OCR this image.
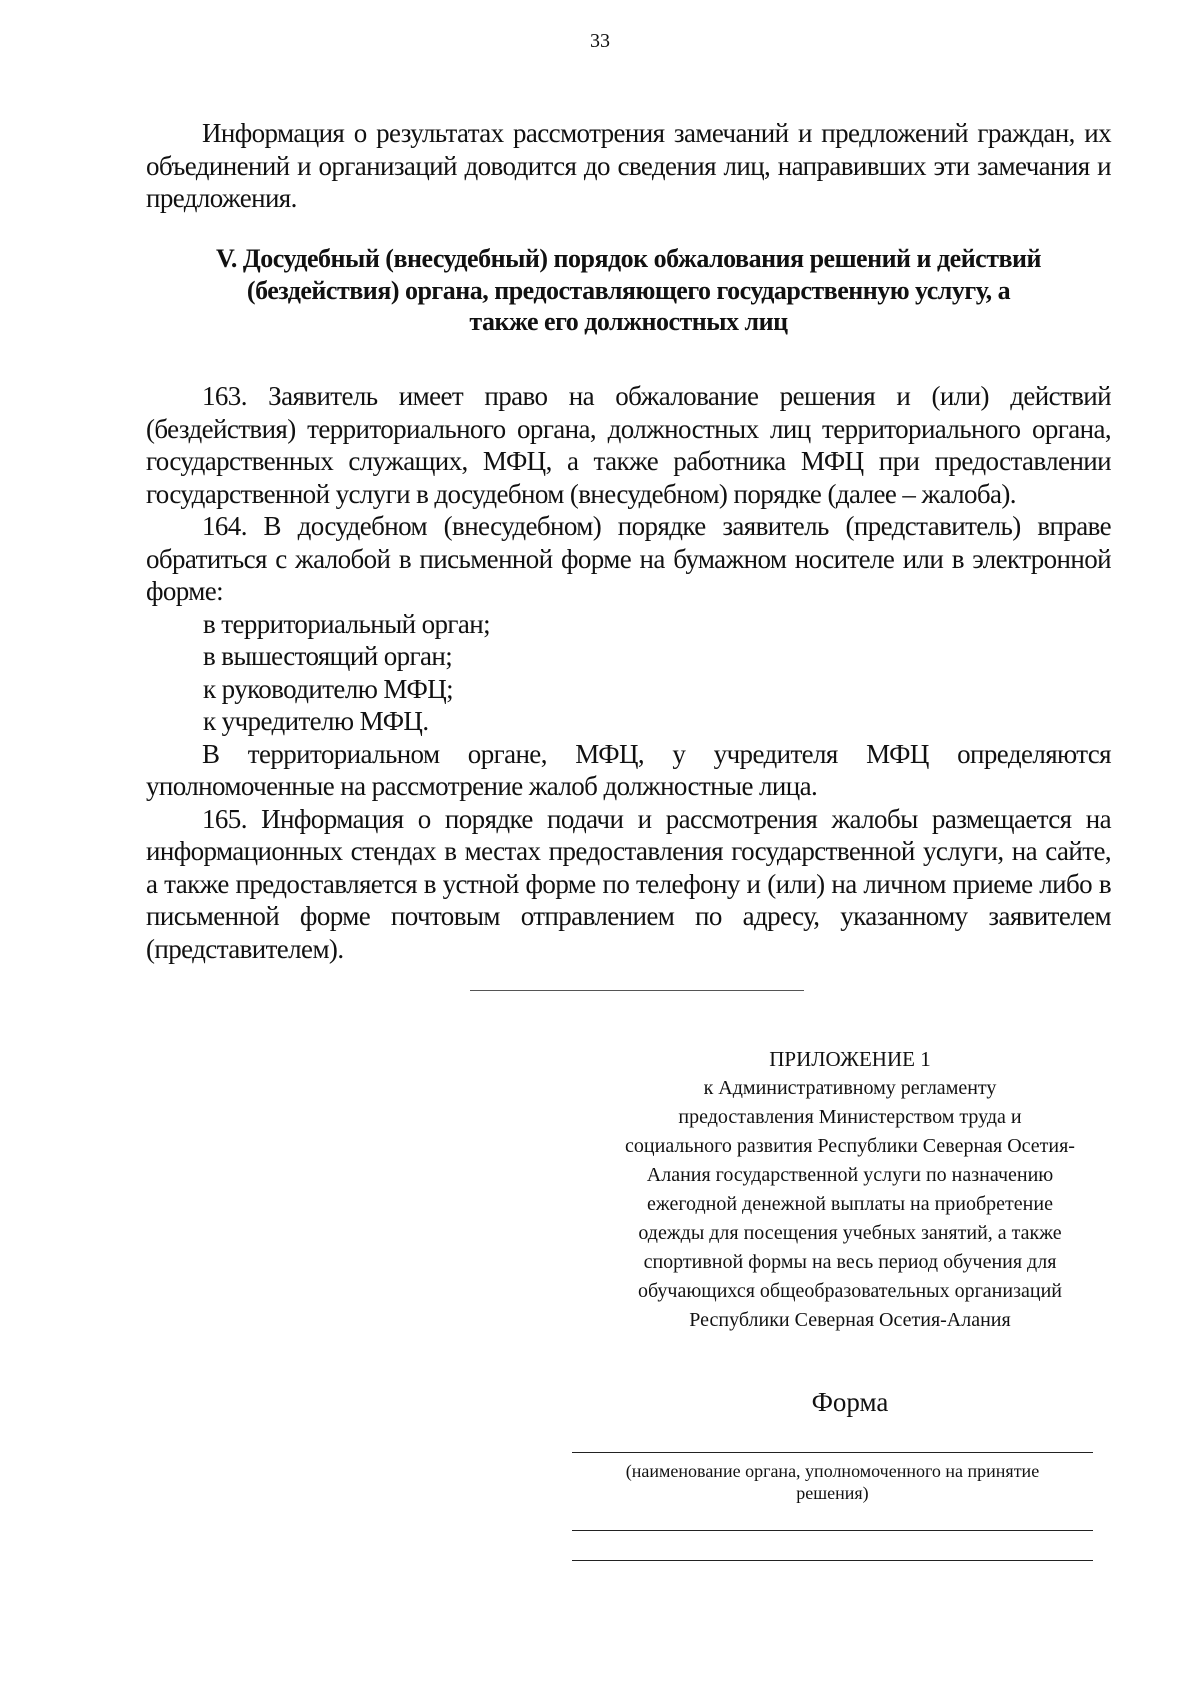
33

Информация о результатах рассмотрения замечаний и предложений граждан, их объединений и организаций доводится до сведения лиц, направивших эти замечания и предложения.

V. Досудебный (внесудебный) порядок обжалования решений и действий
(бездействия) органа, предоставляющего государственную услугу, а
также его должностных лиц

163. Заявитель имеет право на обжалование решения и (или) действий (бездействия) территориального органа, должностных лиц территориального органа, государственных служащих, МФЦ, а также работника МФЦ при предоставлении государственной услуги в досудебном (внесудебном) порядке (далее – жалоба).

164. В досудебном (внесудебном) порядке заявитель (представитель) вправе обратиться с жалобой в письменной форме на бумажном носителе или в электронной форме:

в территориальный орган;

в вышестоящий орган;

к руководителю МФЦ;

к учредителю МФЦ.

В территориальном органе, МФЦ, у учредителя МФЦ определяются уполномоченные на рассмотрение жалоб должностные лица.

165. Информация о порядке подачи и рассмотрения жалобы размещается на информационных стендах в местах предоставления государственной услуги, на сайте, а также предоставляется в устной форме по телефону и (или) на личном приеме либо в письменной форме почтовым отправлением по адресу, указанному заявителем (представителем).

ПРИЛОЖЕНИЕ 1
к Административному регламенту
предоставления Министерством труда и
социального развития Республики Северная Осетия-
Алания государственной услуги по назначению
ежегодной денежной выплаты на приобретение
одежды для посещения учебных занятий, а также
спортивной формы на весь период обучения для
обучающихся общеобразовательных организаций
Республики Северная Осетия-Алания
Форма
(наименование органа, уполномоченного на принятие
решения)
